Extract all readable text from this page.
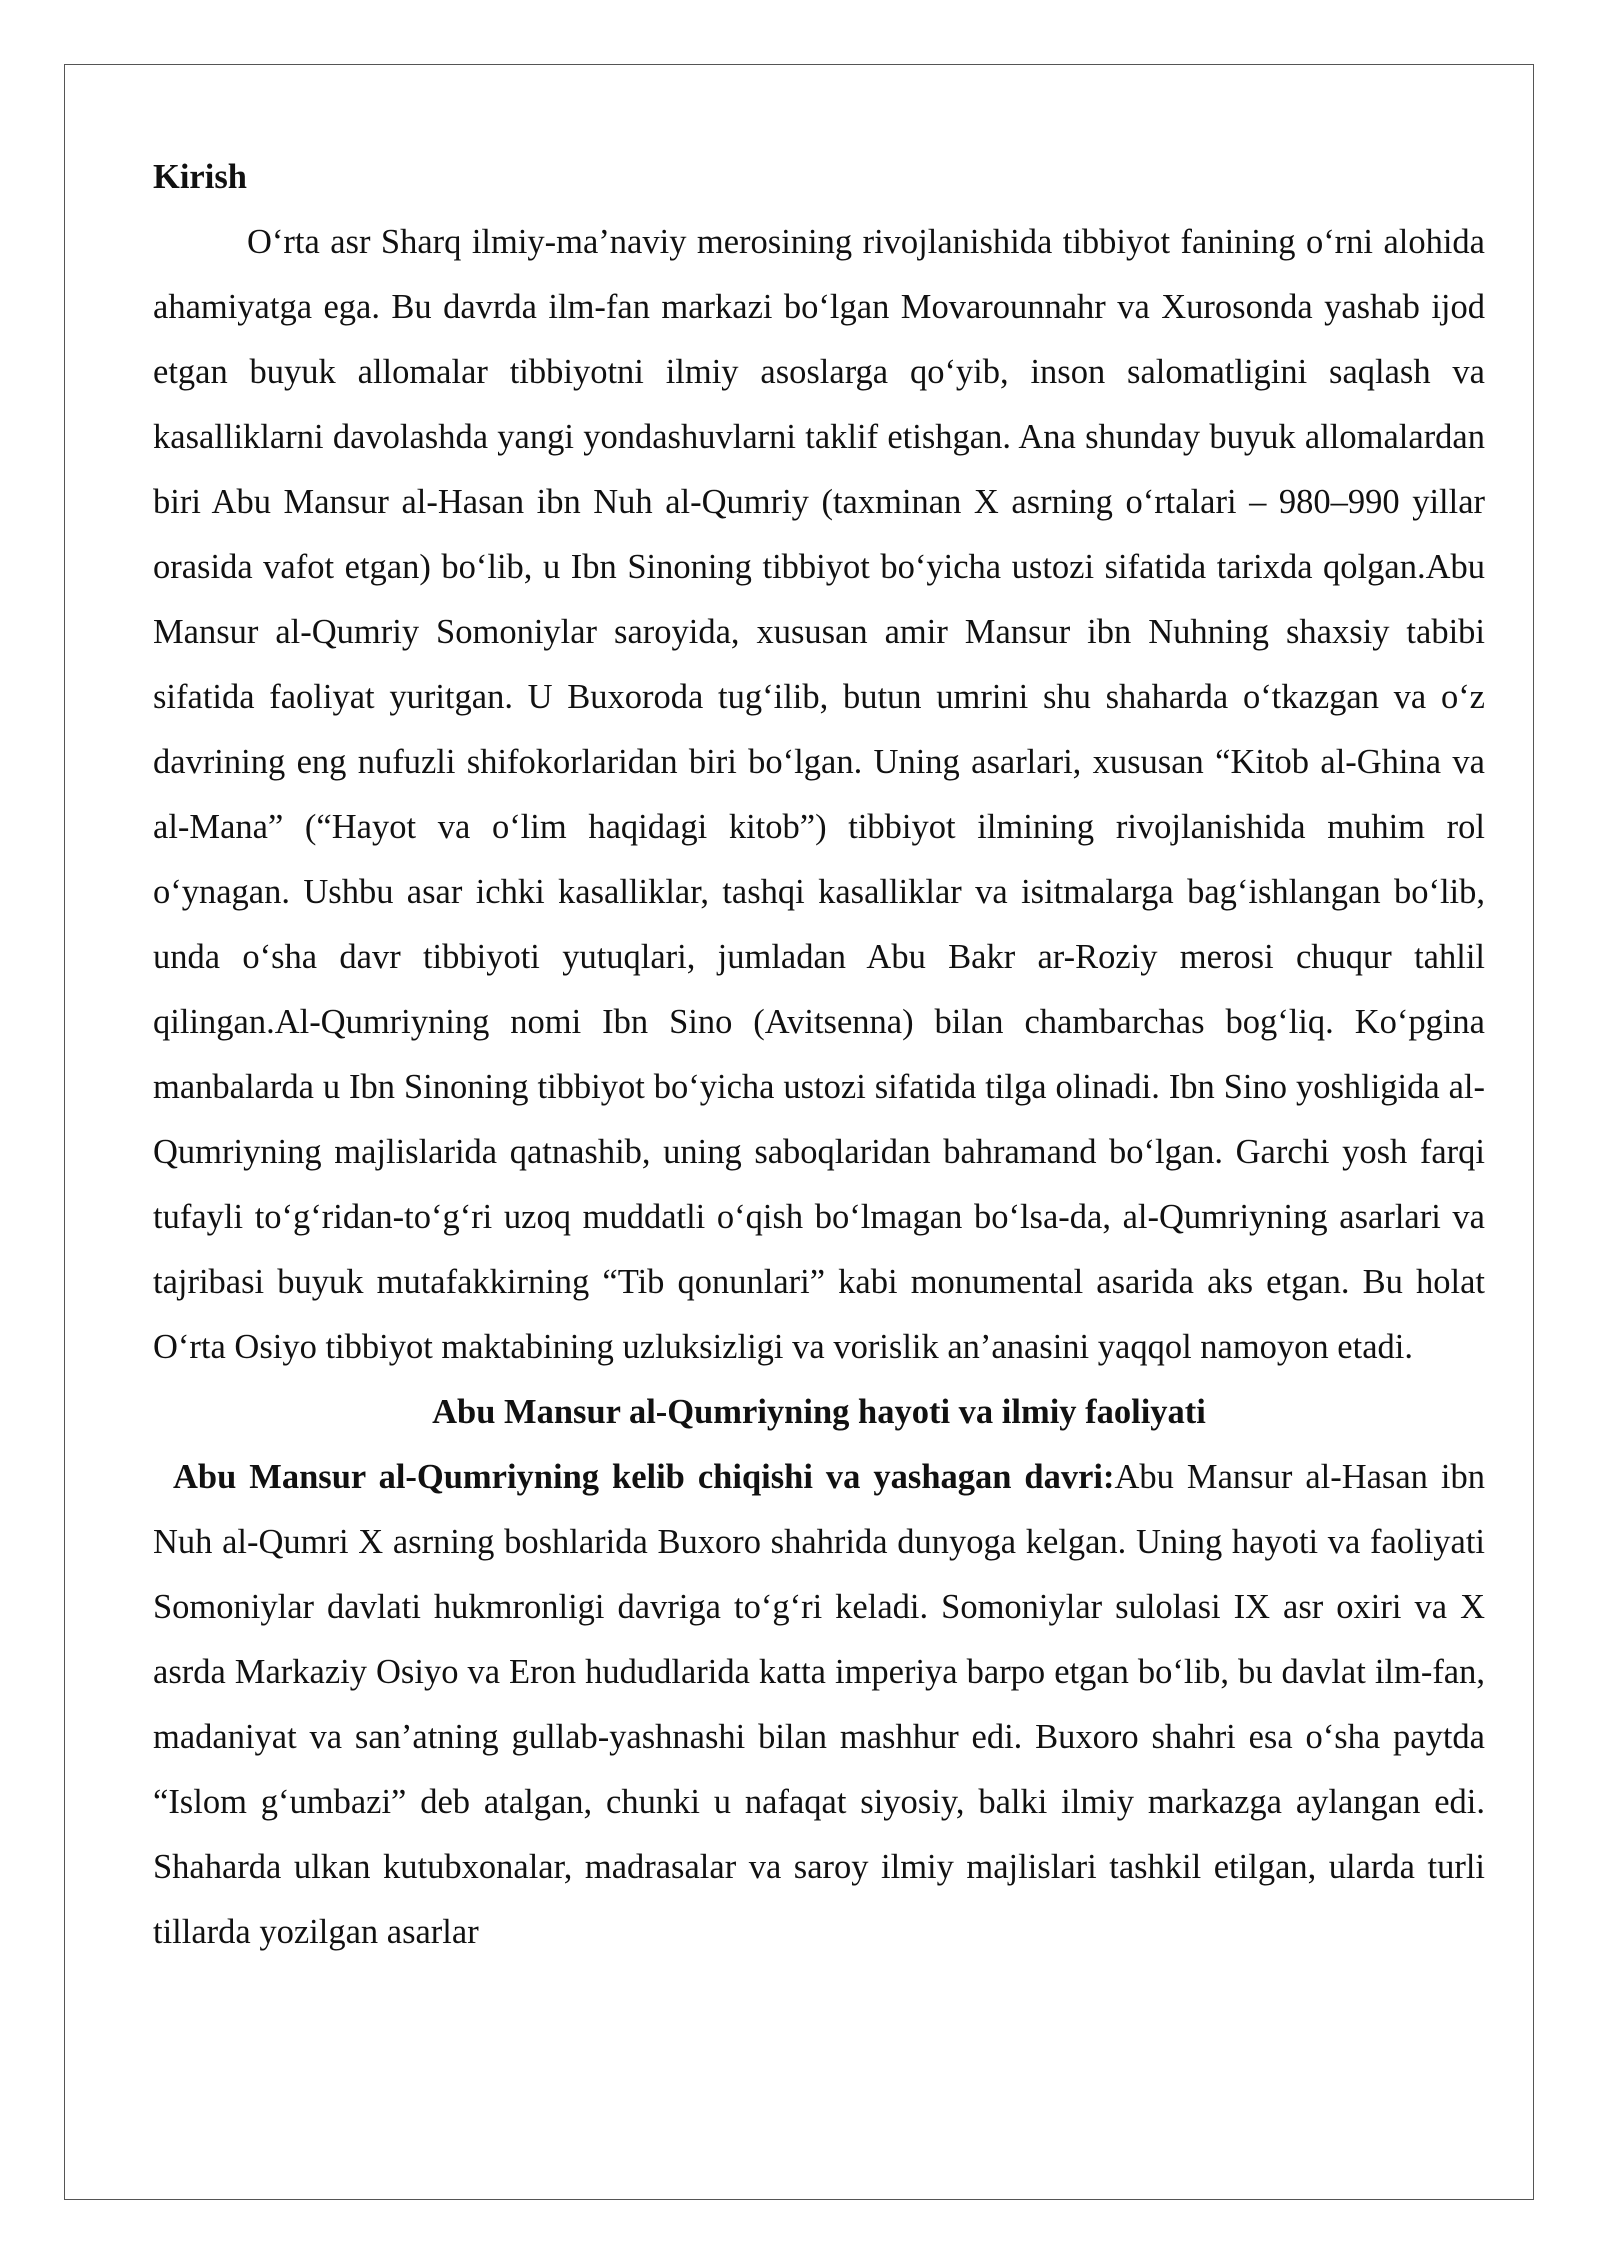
Kirish

O‘rta asr Sharq ilmiy-ma’naviy merosining rivojlanishida tibbiyot fanining o‘rni alohida ahamiyatga ega. Bu davrda ilm-fan markazi bo‘lgan Movarounnahr va Xurosonda yashab ijod etgan buyuk allomalar tibbiyotni ilmiy asoslarga qo‘yib, inson salomatligini saqlash va kasalliklarni davolashda yangi yondashuvlarni taklif etishgan. Ana shunday buyuk allomalardan biri Abu Mansur al-Hasan ibn Nuh al-Qumriy (taxminan X asrning o‘rtalari – 980–990 yillar orasida vafot etgan) bo‘lib, u Ibn Sinoning tibbiyot bo‘yicha ustozi sifatida tarixda qolgan.Abu Mansur al-Qumriy Somoniylar saroyida, xususan amir Mansur ibn Nuhning shaxsiy tabibi sifatida faoliyat yuritgan. U Buxoroda tug‘ilib, butun umrini shu shaharda o‘tkazgan va o‘z davrining eng nufuzli shifokorlaridan biri bo‘lgan. Uning asarlari, xususan “Kitob al-Ghina va al-Mana” (“Hayot va o‘lim haqidagi kitob”) tibbiyot ilmining rivojlanishida muhim rol o‘ynagan. Ushbu asar ichki kasalliklar, tashqi kasalliklar va isitmalarga bag‘ishlangan bo‘lib, unda o‘sha davr tibbiyoti yutuqlari, jumladan Abu Bakr ar-Roziy merosi chuqur tahlil qilingan.Al-Qumriyning nomi Ibn Sino (Avitsenna) bilan chambarchas bog‘liq. Ko‘pgina manbalarda u Ibn Sinoning tibbiyot bo‘yicha ustozi sifatida tilga olinadi. Ibn Sino yoshligida al-Qumriyning majlislarida qatnashib, uning saboqlaridan bahramand bo‘lgan. Garchi yosh farqi tufayli to‘g‘ridan-to‘g‘ri uzoq muddatli o‘qish bo‘lmagan bo‘lsa-da, al-Qumriyning asarlari va tajribasi buyuk mutafakkirning “Tib qonunlari” kabi monumental asarida aks etgan. Bu holat O‘rta Osiyo tibbiyot maktabining uzluksizligi va vorislik an’anasini yaqqol namoyon etadi.

Abu Mansur al-Qumriyning hayoti va ilmiy faoliyati

Abu Mansur al-Qumriyning kelib chiqishi va yashagan davri:Abu Mansur al-Hasan ibn Nuh al-Qumri X asrning boshlarida Buxoro shahrida dunyoga kelgan. Uning hayoti va faoliyati Somoniylar davlati hukmronligi davriga to‘g‘ri keladi. Somoniylar sulolasi IX asr oxiri va X asrda Markaziy Osiyo va Eron hududlarida katta imperiya barpo etgan bo‘lib, bu davlat ilm-fan, madaniyat va san’atning gullab-yashnashi bilan mashhur edi. Buxoro shahri esa o‘sha paytda “Islom g‘umbazi” deb atalgan, chunki u nafaqat siyosiy, balki ilmiy markazga aylangan edi. Shaharda ulkan kutubxonalar, madrasalar va saroy ilmiy majlislari tashkil etilgan, ularda turli tillarda yozilgan asarlar
